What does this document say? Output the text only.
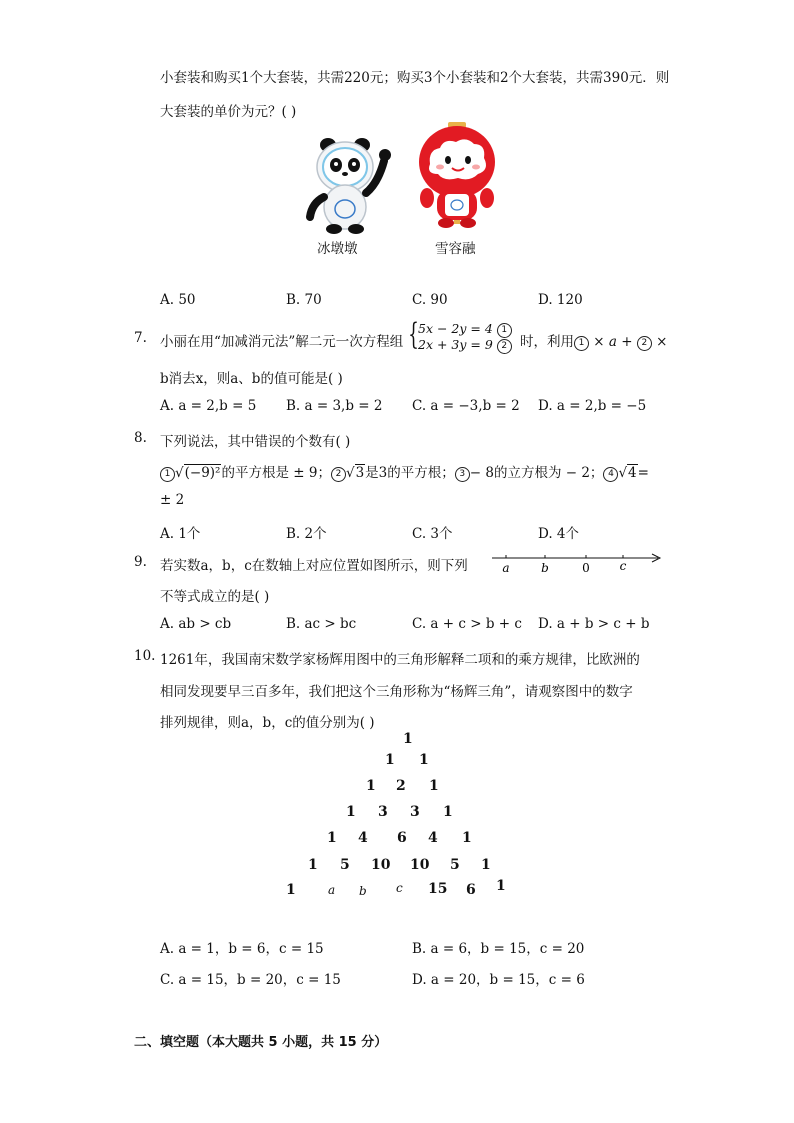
小套装和购买1个大套装，共需220元；购买3个小套装和2个大套装，共需390元．则
大套装的单价为元？( )
冰墩墩	雪容融
A. 50	B. 70	C. 90	D. 120
7. 小丽在用“加减消元法”解二元一次方程组 { 5x − 2y = 4 1
2x + 3y = 9 2 时，利用 1 × a + 2 ×
b消去x，则a、b的值可能是( )
A. a = 2,b = 5 B. a = 3,b = 2 C. a = −3,b = 2 D. a = 2,b = −5
8. 下列说法，其中错误的个数有( )
1 √(−9)²的平方根是 ± 9； 2 √3是3的平方根； 3 − 8的立方根为 − 2； 4 √4=
± 2
A. 1个	B. 2个	C. 3个	D. 4个
9. 若实数a，b，c在数轴上对应位置如图所示，则下列
不等式成立的是( )
a	b	0 c
A. ab > cb	B. ac > bc	C. a + c > b + c D. a + b > c + b
10. 1261年，我国南宋数学家杨辉用图中的三角形解释二项和的乘方规律，比欧洲的
相同发现要早三百多年，我们把这个三角形称为“杨辉三角”，请观察图中的数字
排列规律，则a，b，c的值分别为( )
1
1 1
1 2 1
1 3 3 1
1 4 6 4 1
1 5 10 10 5 1
1	a b c 15 6 1
A. a = 1，b = 6，c = 15	B. a = 6，b = 15，c = 20
C. a = 15，b = 20，c = 15	D. a = 20，b = 15，c = 6
二、填空题（本大题共 5 小题，共 15 分）
